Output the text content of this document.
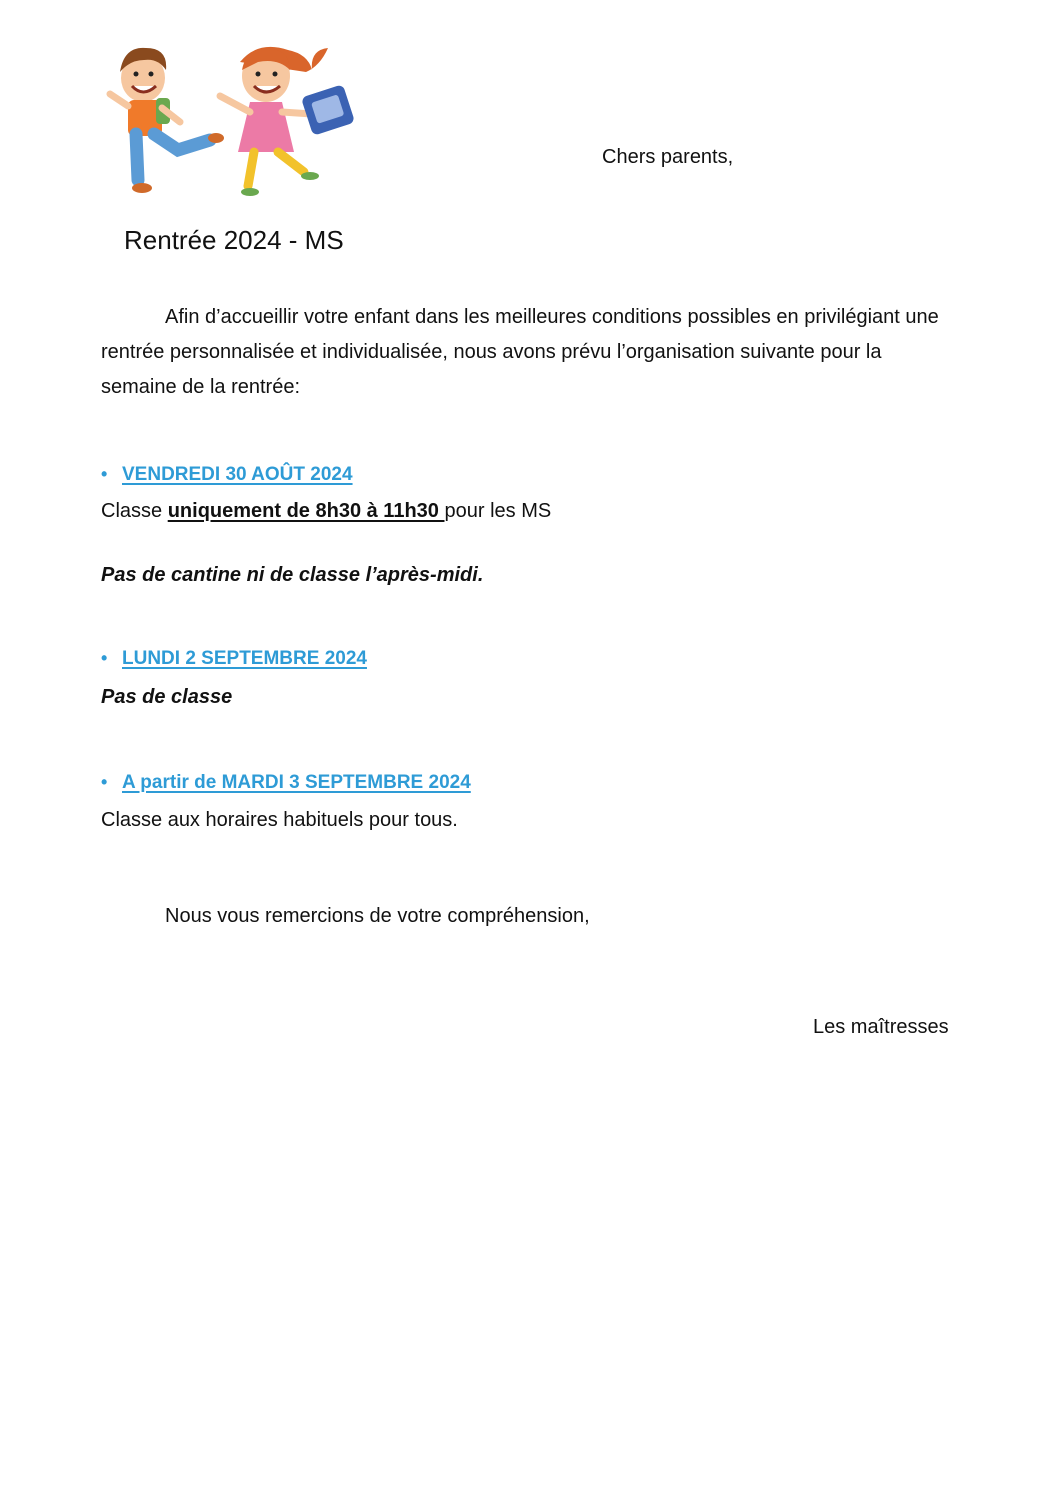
Chers parents,
Rentrée 2024 - MS

Afin d’accueillir votre enfant dans les meilleures conditions possibles en privilégiant une rentrée personnalisée et individualisée, nous avons prévu l’organisation suivante pour la semaine de la rentrée:

• VENDREDI 30 AOÛT 2024
Classe uniquement de 8h30 à 11h30 pour les MS
Pas de cantine ni de classe l’après-midi.
• LUNDI 2 SEPTEMBRE 2024
Pas de classe
• A partir de MARDI 3 SEPTEMBRE 2024
Classe aux horaires habituels pour tous.
Nous vous remercions de votre compréhension,
Les maîtresses
